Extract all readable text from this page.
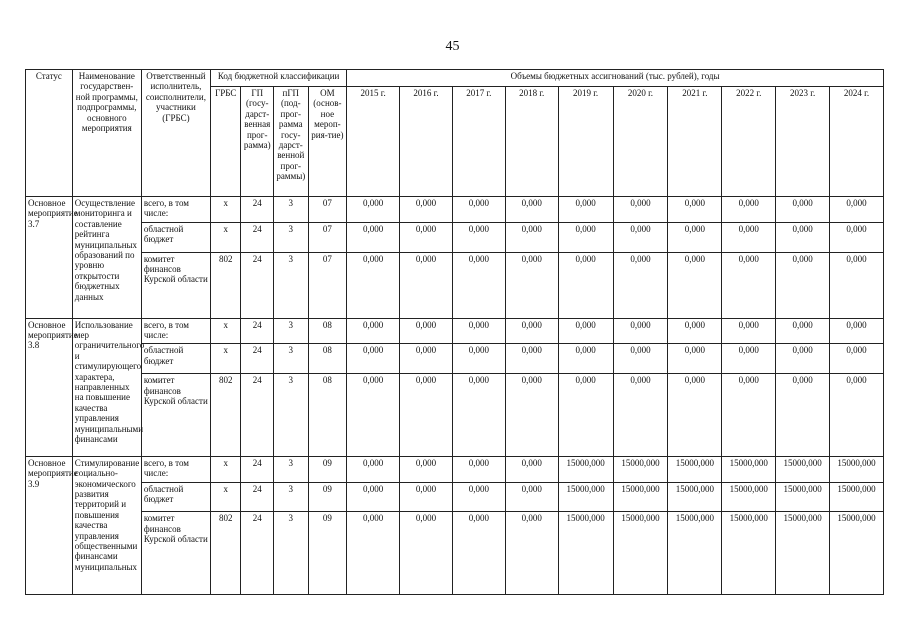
45
Статус	Наименование государствен-ной программы, подпрограммы, основного мероприятия	Ответственный исполнитель, соисполнители, участники (ГРБС)	Код бюджетной классификации				Объемы бюджетных ассигнований (тыс. рублей), годы									
			ГРБС	ГП (госу-дарст-венная прог-рамма)	пГП (под-прог-рамма госу-дарст-венной прог-раммы)	ОМ (основ-ное мероп-рия-тие)	2015 г.	2016 г.	2017 г.	2018 г.	2019 г.	2020 г.	2021 г.	2022 г.	2023 г.	2024 г.
Основное мероприятие 3.7	Осуществление мониторинга и составление рейтинга муниципальных образований по уровню открытости бюджетных данных	всего, в том числе:	х	24	3	07	0,000	0,000	0,000	0,000	0,000	0,000	0,000	0,000	0,000	0,000
		областной бюджет	х	24	3	07	0,000	0,000	0,000	0,000	0,000	0,000	0,000	0,000	0,000	0,000
		комитет финансов Курской области	802	24	3	07	0,000	0,000	0,000	0,000	0,000	0,000	0,000	0,000	0,000	0,000
Основное мероприятие 3.8	Использование мер ограничительного и стимулирующего характера, направленных на повышение качества управления муниципальными финансами	всего, в том числе:	х	24	3	08	0,000	0,000	0,000	0,000	0,000	0,000	0,000	0,000	0,000	0,000
		областной бюджет	х	24	3	08	0,000	0,000	0,000	0,000	0,000	0,000	0,000	0,000	0,000	0,000
		комитет финансов Курской области	802	24	3	08	0,000	0,000	0,000	0,000	0,000	0,000	0,000	0,000	0,000	0,000
Основное мероприятие 3.9	Стимулирование социально-экономического развития территорий и повышения качества управления общественными финансами муниципальных	всего, в том числе:	х	24	3	09	0,000	0,000	0,000	0,000	15000,000	15000,000	15000,000	15000,000	15000,000	15000,000
		областной бюджет	х	24	3	09	0,000	0,000	0,000	0,000	15000,000	15000,000	15000,000	15000,000	15000,000	15000,000
		комитет финансов Курской области	802	24	3	09	0,000	0,000	0,000	0,000	15000,000	15000,000	15000,000	15000,000	15000,000	15000,000
